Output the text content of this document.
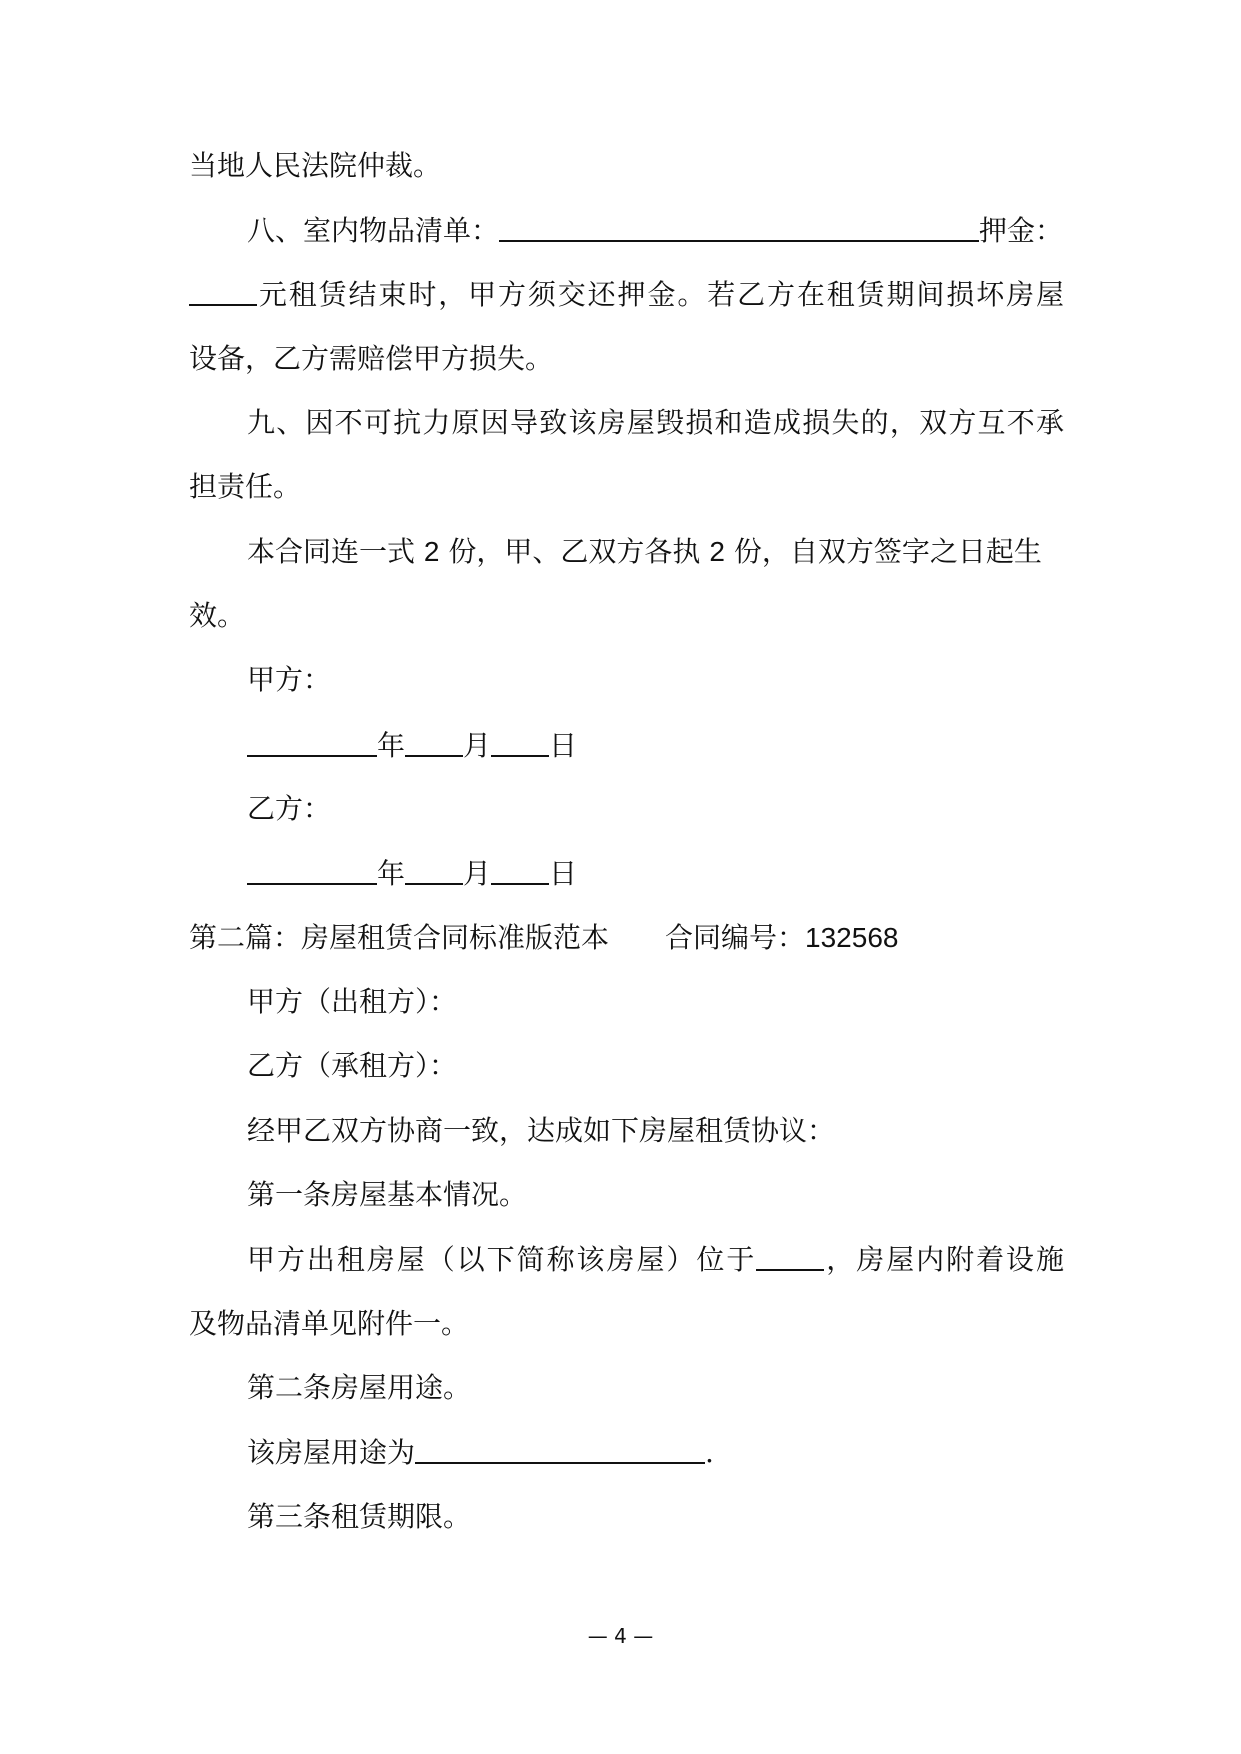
当地人民法院仲裁。
八、室内物品清单：	押金：
元租赁结束时，甲方须交还押金。若乙方在租赁期间损坏房屋
设备，乙方需赔偿甲方损失。
九、因不可抗力原因导致该房屋毁损和造成损失的，双方互不承
担责任。
本合同连一式 2 份，甲、乙双方各执 2 份，自双方签字之日起生
效。
甲方：
年 月 日
乙方：
年 月 日
第二篇：房屋租赁合同标准版范本 合同编号：132568
甲方（出租方）：
乙方（承租方）：
经甲乙双方协商一致，达成如下房屋租赁协议：
第一条房屋基本情况。
甲方出租房屋（以下简称该房屋）位于 ，房屋内附着设施
及物品清单见附件一。
第二条房屋用途。
该房屋用途为	.
第三条租赁期限。
— 4 —
